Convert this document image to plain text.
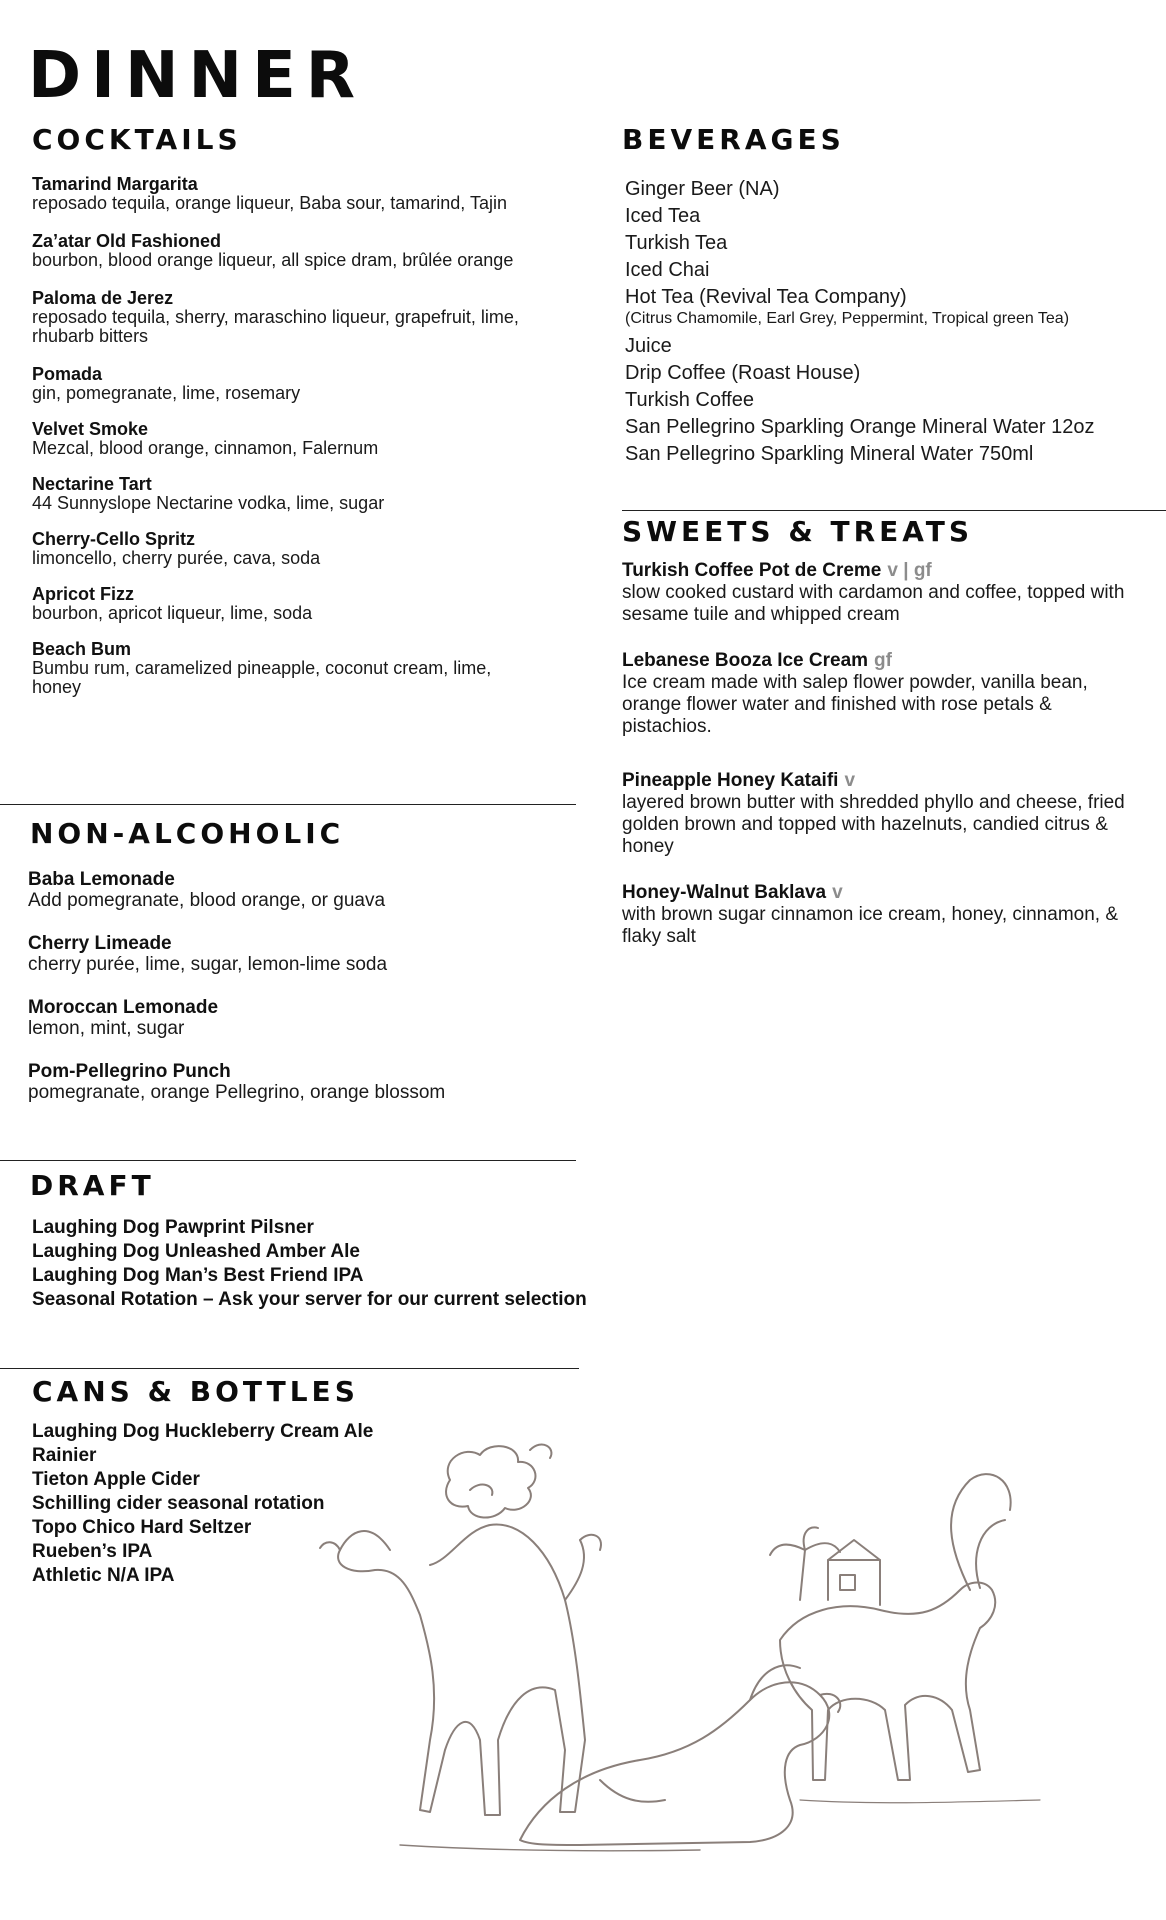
DINNER
COCKTAILS
Tamarind Margarita
reposado tequila, orange liqueur, Baba sour, tamarind, Tajin
Za’atar Old Fashioned
bourbon, blood orange liqueur, all spice dram, brûlée orange
Paloma de Jerez
reposado tequila, sherry, maraschino liqueur, grapefruit, lime, rhubarb bitters
Pomada
gin, pomegranate, lime, rosemary
Velvet Smoke
Mezcal, blood orange, cinnamon, Falernum
Nectarine Tart
44 Sunnyslope Nectarine vodka, lime, sugar
Cherry-Cello Spritz
limoncello, cherry purée, cava, soda
Apricot Fizz
bourbon, apricot liqueur, lime, soda
Beach Bum
Bumbu rum, caramelized pineapple, coconut cream, lime, honey
NON-ALCOHOLIC
Baba Lemonade
Add pomegranate, blood orange, or guava
Cherry Limeade
cherry purée, lime, sugar, lemon-lime soda
Moroccan Lemonade
lemon, mint, sugar
Pom-Pellegrino Punch
pomegranate, orange Pellegrino, orange blossom
DRAFT
Laughing Dog Pawprint Pilsner
Laughing Dog Unleashed Amber Ale
Laughing Dog Man’s Best Friend IPA
Seasonal Rotation – Ask your server for our current selection
CANS & BOTTLES
Laughing Dog Huckleberry Cream Ale
Rainier
Tieton Apple Cider
Schilling cider seasonal rotation
Topo Chico Hard Seltzer
Rueben’s IPA
Athletic N/A IPA
BEVERAGES
Ginger Beer (NA)
Iced Tea
Turkish Tea
Iced Chai
Hot Tea (Revival Tea Company)
(Citrus Chamomile, Earl Grey, Peppermint, Tropical green Tea)
Juice
Drip Coffee (Roast House)
Turkish Coffee
San Pellegrino Sparkling Orange Mineral Water 12oz
San Pellegrino Sparkling Mineral Water 750ml
SWEETS & TREATS
Turkish Coffee Pot de Creme v | gf
slow cooked custard with cardamon and coffee, topped with sesame tuile and whipped cream
Lebanese Booza Ice Cream gf
Ice cream made with salep flower powder, vanilla bean, orange flower water and finished with rose petals & pistachios.
Pineapple Honey Kataifi v
layered brown butter with shredded phyllo and cheese, fried golden brown and topped with hazelnuts, candied citrus & honey
Honey-Walnut Baklava v
with brown sugar cinnamon ice cream, honey, cinnamon, & flaky salt
